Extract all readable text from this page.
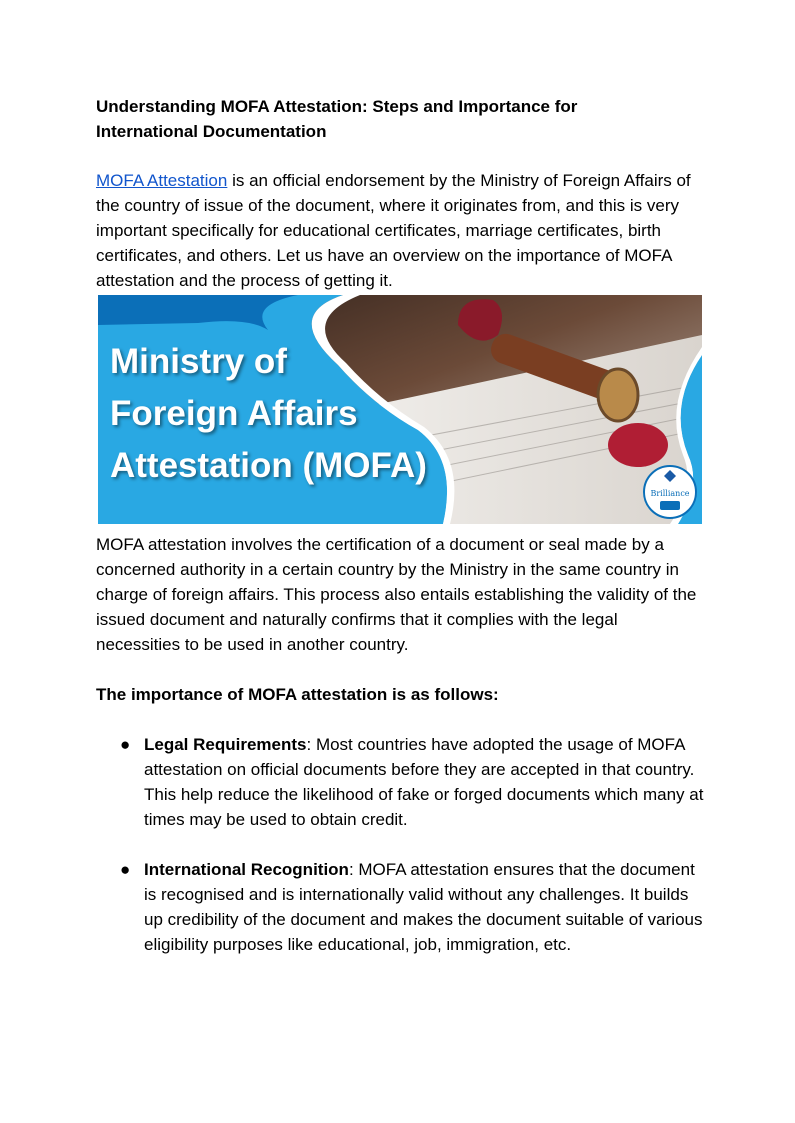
Understanding MOFA Attestation: Steps and Importance for
International Documentation

MOFA Attestation is an official endorsement by the Ministry of Foreign Affairs of the country of issue of the document, where it originates from, and this is very important specifically for educational certificates, marriage certificates, birth certificates, and others. Let us have an overview on the importance of MOFA attestation and the process of getting it.

Ministry of
Foreign Affairs
Attestation (MOFA)
Brilliance

MOFA attestation involves the certification of a document or seal made by a concerned authority in a certain country by the Ministry in the same country in charge of foreign affairs. This process also entails establishing the validity of the issued document and naturally confirms that it complies with the legal necessities to be used in another country.

The importance of MOFA attestation is as follows:
● Legal Requirements: Most countries have adopted the usage of MOFA attestation on official documents before they are accepted in that country. This help reduce the likelihood of fake or forged documents which many at times may be used to obtain credit.
● International Recognition: MOFA attestation ensures that the document is recognised and is internationally valid without any challenges. It builds up credibility of the document and makes the document suitable of various eligibility purposes like educational, job, immigration, etc.
